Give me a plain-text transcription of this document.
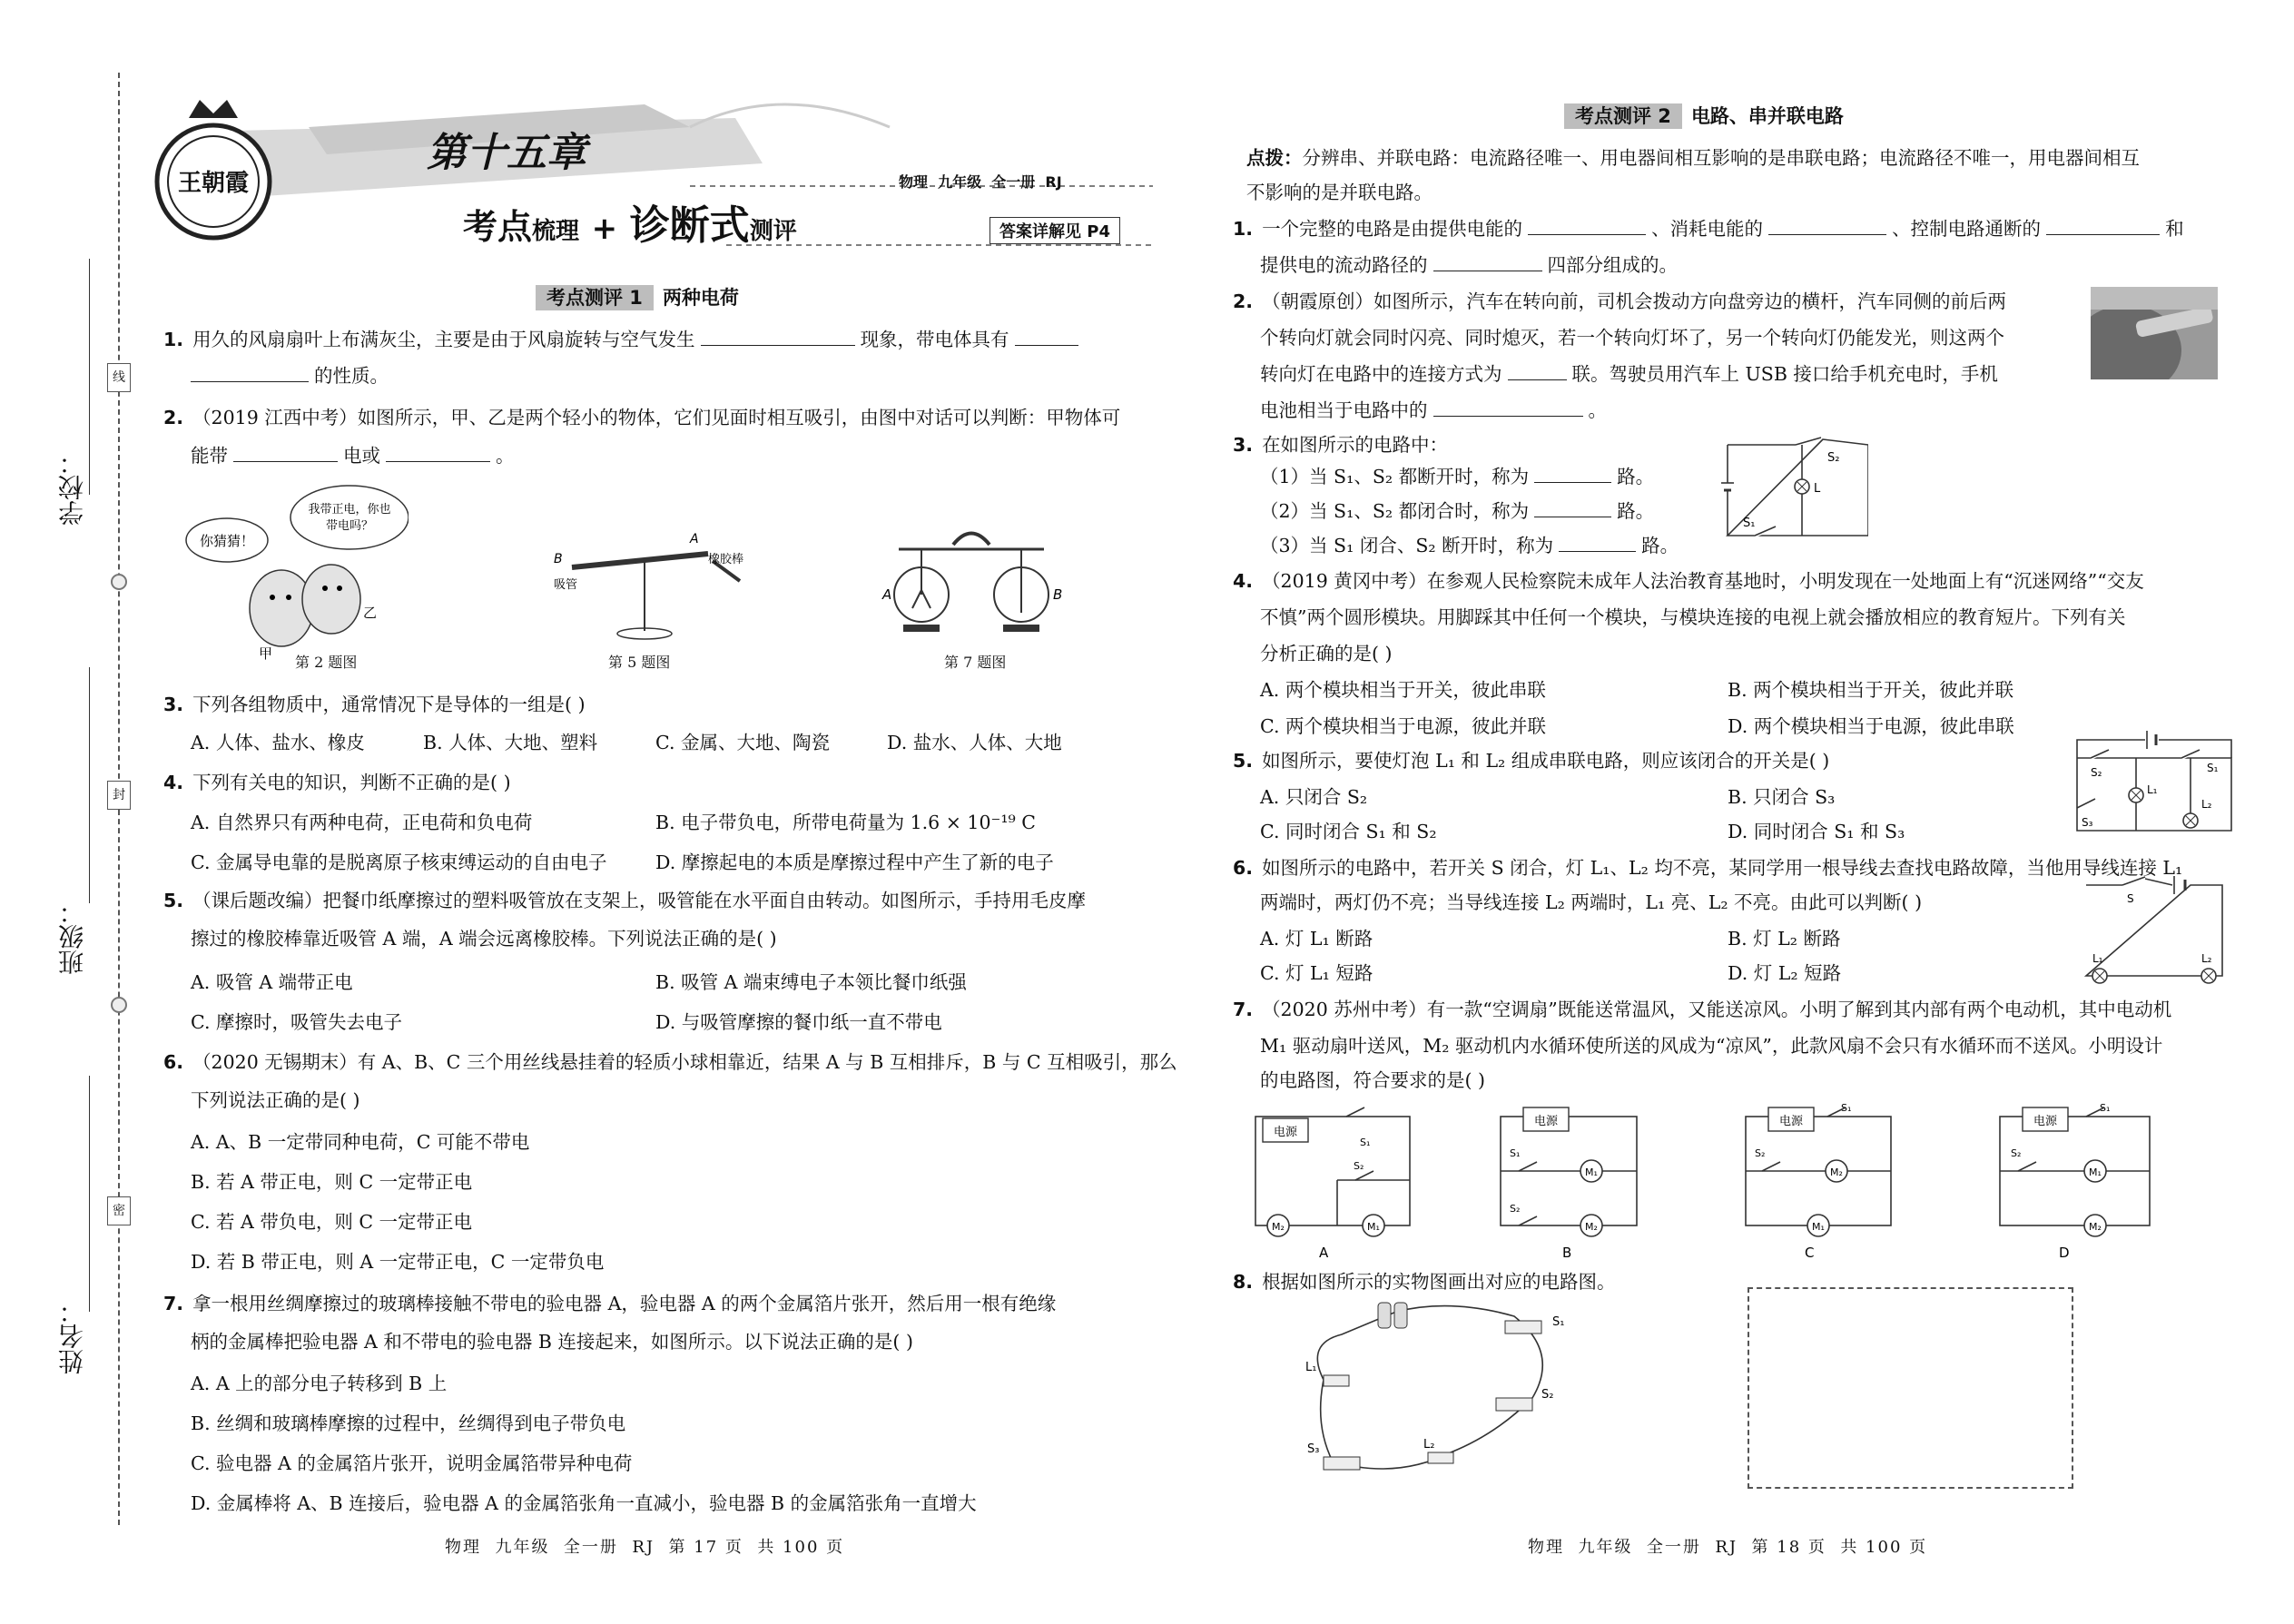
学校：
班级：
姓名：
线
封
密
王朝霞
第十五章
考点梳理 + 诊断式测评
物理  九年级  全一册  RJ
答案详解见 P4
考点测评 1 两种电荷
1. 用久的风扇扇叶上布满灰尘，主要是由于风扇旋转与空气发生	现象，带电体具有
的性质。
2. （2019 江西中考）如图所示，甲、乙是两个轻小的物体，它们见面时相互吸引，由图中对话可以判断：甲物体可
能带	电或	。
你猜猜！
我带正电，你也
带电吗？
甲
乙
第 2 题图
B
吸管
A
橡胶棒
第 5 题图
A	B
第 7 题图
3. 下列各组物质中，通常情况下是导体的一组是( )
A. 人体、盐水、橡皮	B. 人体、大地、塑料	C. 金属、大地、陶瓷	D. 盐水、人体、大地
4. 下列有关电的知识，判断不正确的是( )
A. 自然界只有两种电荷，正电荷和负电荷	B. 电子带负电，所带电荷量为 1.6 × 10⁻¹⁹ C
C. 金属导电靠的是脱离原子核束缚运动的自由电子	D. 摩擦起电的本质是摩擦过程中产生了新的电子
5. （课后题改编）把餐巾纸摩擦过的塑料吸管放在支架上，吸管能在水平面自由转动。如图所示，手持用毛皮摩
擦过的橡胶棒靠近吸管 A 端，A 端会远离橡胶棒。下列说法正确的是( )
A. 吸管 A 端带正电	B. 吸管 A 端束缚电子本领比餐巾纸强
C. 摩擦时，吸管失去电子	D. 与吸管摩擦的餐巾纸一直不带电
6. （2020 无锡期末）有 A、B、C 三个用丝线悬挂着的轻质小球相靠近，结果 A 与 B 互相排斥，B 与 C 互相吸引，那么
下列说法正确的是( )
A. A、B 一定带同种电荷，C 可能不带电
B. 若 A 带正电，则 C 一定带正电
C. 若 A 带负电，则 C 一定带正电
D. 若 B 带正电，则 A 一定带正电，C 一定带负电
7. 拿一根用丝绸摩擦过的玻璃棒接触不带电的验电器 A，验电器 A 的两个金属箔片张开，然后用一根有绝缘
柄的金属棒把验电器 A 和不带电的验电器 B 连接起来，如图所示。以下说法正确的是( )
A. A 上的部分电子转移到 B 上
B. 丝绸和玻璃棒摩擦的过程中，丝绸得到电子带负电
C. 验电器 A 的金属箔片张开，说明金属箔带异种电荷
D. 金属棒将 A、B 连接后，验电器 A 的金属箔张角一直减小，验电器 B 的金属箔张角一直增大
物理  九年级  全一册  RJ  第 17 页  共 100 页
考点测评 2 电路、串并联电路
点拨：分辨串、并联电路：电流路径唯一、用电器间相互影响的是串联电路；电流路径不唯一，用电器间相互
不影响的是并联电路。
1. 一个完整的电路是由提供电能的	、消耗电能的	、控制电路通断的	和
提供电的流动路径的	四部分组成的。
2. （朝霞原创）如图所示，汽车在转向前，司机会拨动方向盘旁边的横杆，汽车同侧的前后两
个转向灯就会同时闪亮、同时熄灭，若一个转向灯坏了，另一个转向灯仍能发光，则这两个
转向灯在电路中的连接方式为	联。驾驶员用汽车上 USB 接口给手机充电时，手机
电池相当于电路中的	。
3. 在如图所示的电路中：
（1）当 S₁、S₂ 都断开时，称为	路。
（2）当 S₁、S₂ 都闭合时，称为	路。
（3）当 S₁ 闭合、S₂ 断开时，称为	路。
S₂
L
S₁
4. （2019 黄冈中考）在参观人民检察院未成年人法治教育基地时，小明发现在一处地面上有“沉迷网络”“交友
不慎”两个圆形模块。用脚踩其中任何一个模块，与模块连接的电视上就会播放相应的教育短片。下列有关
分析正确的是( )
A. 两个模块相当于开关，彼此串联	B. 两个模块相当于开关，彼此并联
C. 两个模块相当于电源，彼此并联	D. 两个模块相当于电源，彼此串联
5. 如图所示，要使灯泡 L₁ 和 L₂ 组成串联电路，则应该闭合的开关是( )
A. 只闭合 S₂	B. 只闭合 S₃
C. 同时闭合 S₁ 和 S₂	D. 同时闭合 S₁ 和 S₃
S₂	S₁
L₁
S₃
L₂
6. 如图所示的电路中，若开关 S 闭合，灯 L₁、L₂ 均不亮，某同学用一根导线去查找电路故障，当他用导线连接 L₁
两端时，两灯仍不亮；当导线连接 L₂ 两端时，L₁ 亮、L₂ 不亮。由此可以判断( )
A. 灯 L₁ 断路	B. 灯 L₂ 断路
C. 灯 L₁ 短路	D. 灯 L₂ 短路
S
L₁	L₂
7. （2020 苏州中考）有一款“空调扇”既能送常温风，又能送凉风。小明了解到其内部有两个电动机，其中电动机
M₁ 驱动扇叶送风，M₂ 驱动机内水循环使所送的风成为“凉风”，此款风扇不会只有水循环而不送风。小明设计
的电路图，符合要求的是( )
电源
M₂	M₁
S₁
S₂
A
电源
M₁
M₂
S₁
S₂
B
电源
M₂
M₁
S₁
S₂
C
电源
M₁
M₂
S₁
S₂
D
8. 根据如图所示的实物图画出对应的电路图。
S₁
L₁
S₂
S₃	L₂
物理  九年级  全一册  RJ  第 18 页  共 100 页
